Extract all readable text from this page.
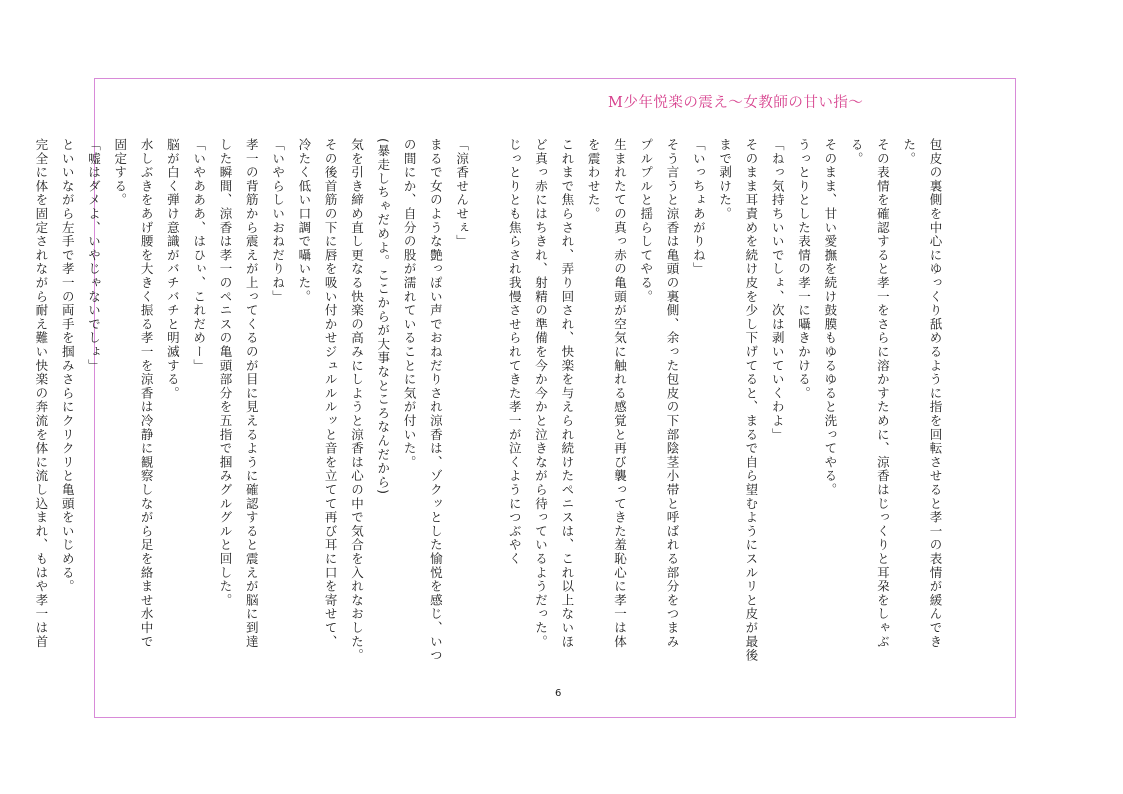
M少年悦楽の震え～女教師の甘い指～

包皮の裏側を中心にゆっくり舐めるように指を回転させると孝一の表情が緩んでき

た。

その表情を確認すると孝一をさらに溶かすために、涼香はじっくりと耳朶をしゃぶ

る。

そのまま、甘い愛撫を続け鼓膜もゆるゆると洗ってやる。

うっとりとした表情の孝一に囁きかける。

「ねっ気持ちいいでしょ、次は剥いていくわよ」

そのまま耳責めを続け皮を少し下げてると、まるで自ら望むようにスルリと皮が最後

まで剥けた。

「いっちょあがりね」

そう言うと涼香は亀頭の裏側、余った包皮の下部陰茎小帯と呼ばれる部分をつまみ

プルプルと揺らしてやる。

生まれたての真っ赤の亀頭が空気に触れる感覚と再び襲ってきた羞恥心に孝一は体

を震わせた。

これまで焦らされ、弄り回され、快楽を与えられ続けたペニスは、これ以上ないほ

ど真っ赤にはちきれ、射精の準備を今か今かと泣きながら待っているようだった。

じっとりとも焦らされ我慢させられてきた孝一が泣くようにつぶやく

「涼香せんせぇ」

まるで女のような艶っぽい声でおねだりされ涼香は、ゾクッとした愉悦を感じ、いつ

の間にか、自分の股が濡れていることに気が付いた。

(暴走しちゃだめよ。ここからが大事なところなんだから)

気を引き締め直し更なる快楽の高みにしようと涼香は心の中で気合を入れなおした。

その後首筋の下に唇を吸い付かせジュルルルッと音を立てて再び耳に口を寄せて、

冷たく低い口調で囁いた。

「いやらしいおねだりね」

孝一の背筋から震えが上ってくるのが目に見えるように確認すると震えが脳に到達

した瞬間、涼香は孝一のペニスの亀頭部分を五指で掴みグルグルと回した。

「いやあああ、はひぃ、これだめー」

脳が白く弾け意識がバチバチと明滅する。

水しぶきをあげ腰を大きく振る孝一を涼香は冷静に観察しながら足を絡ませ水中で

固定する。

「嘘はダメよ、いやじゃないでしょ」

といいながら左手で孝一の両手を掴みさらにクリクリと亀頭をいじめる。

完全に体を固定されながら耐え難い快楽の奔流を体に流し込まれ、もはや孝一は首

6
